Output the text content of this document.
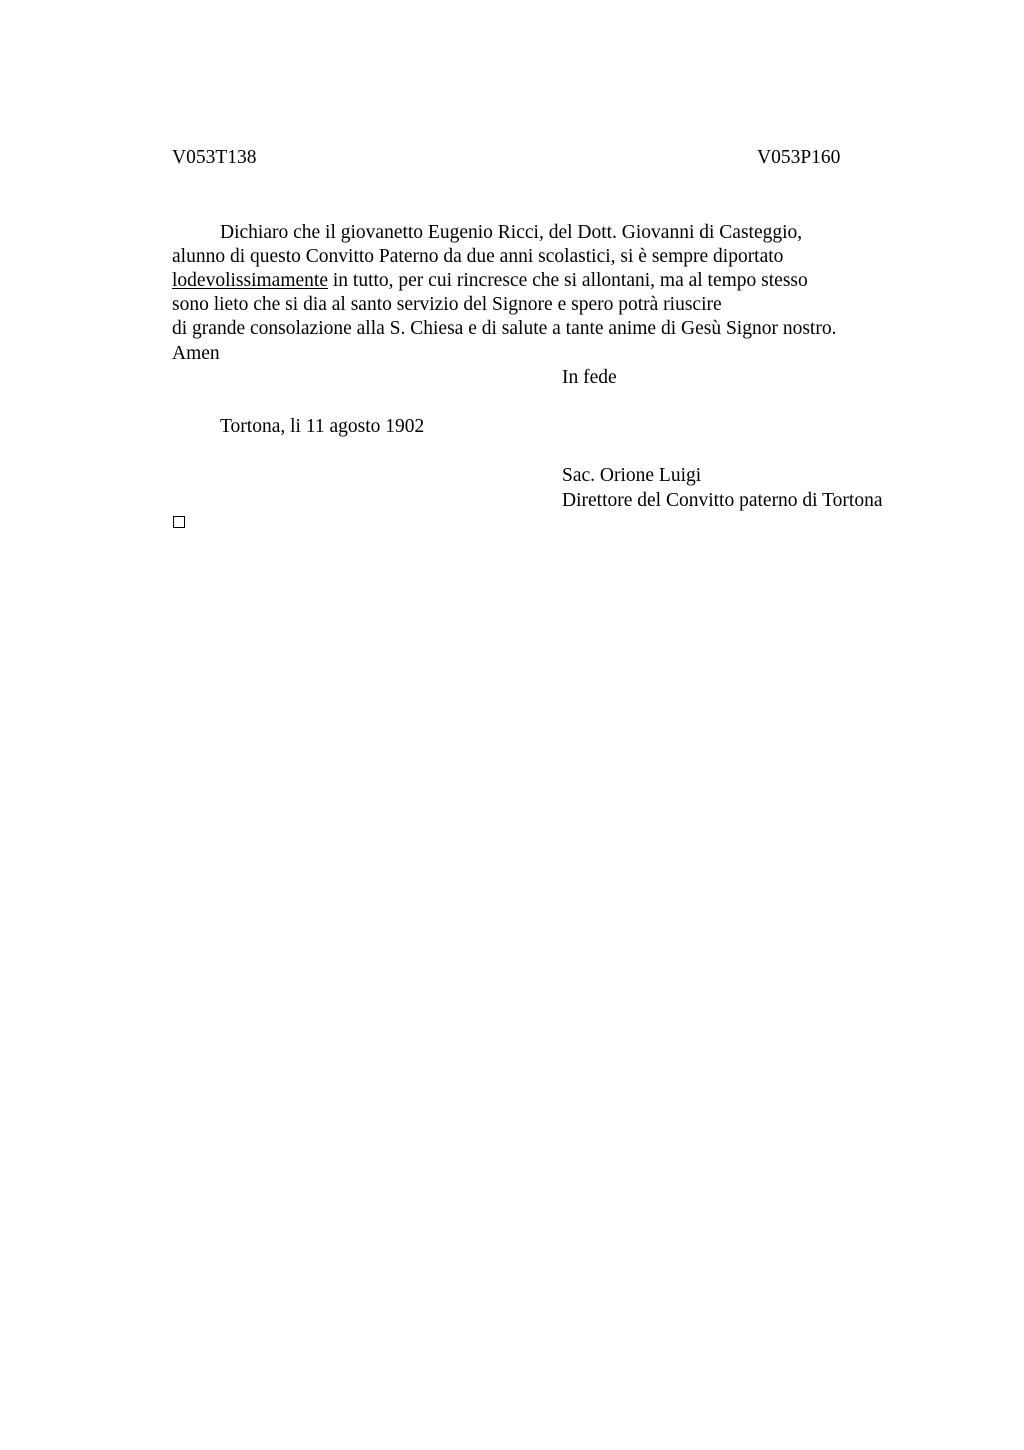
V053T138	V053P160
Dichiaro che il giovanetto Eugenio Ricci, del Dott. Giovanni di Casteggio,
alunno di questo Convitto Paterno da due anni scolastici, si è sempre diportato
lodevolissimamente in tutto, per cui rincresce che si allontani, ma al tempo stesso
sono lieto che si dia al santo servizio del Signore e spero potrà riuscire
di grande consolazione alla S. Chiesa e di salute a tante anime di Gesù Signor nostro.
Amen
In fede
Tortona, li 11 agosto 1902
Sac. Orione Luigi
Direttore del Convitto paterno di Tortona
